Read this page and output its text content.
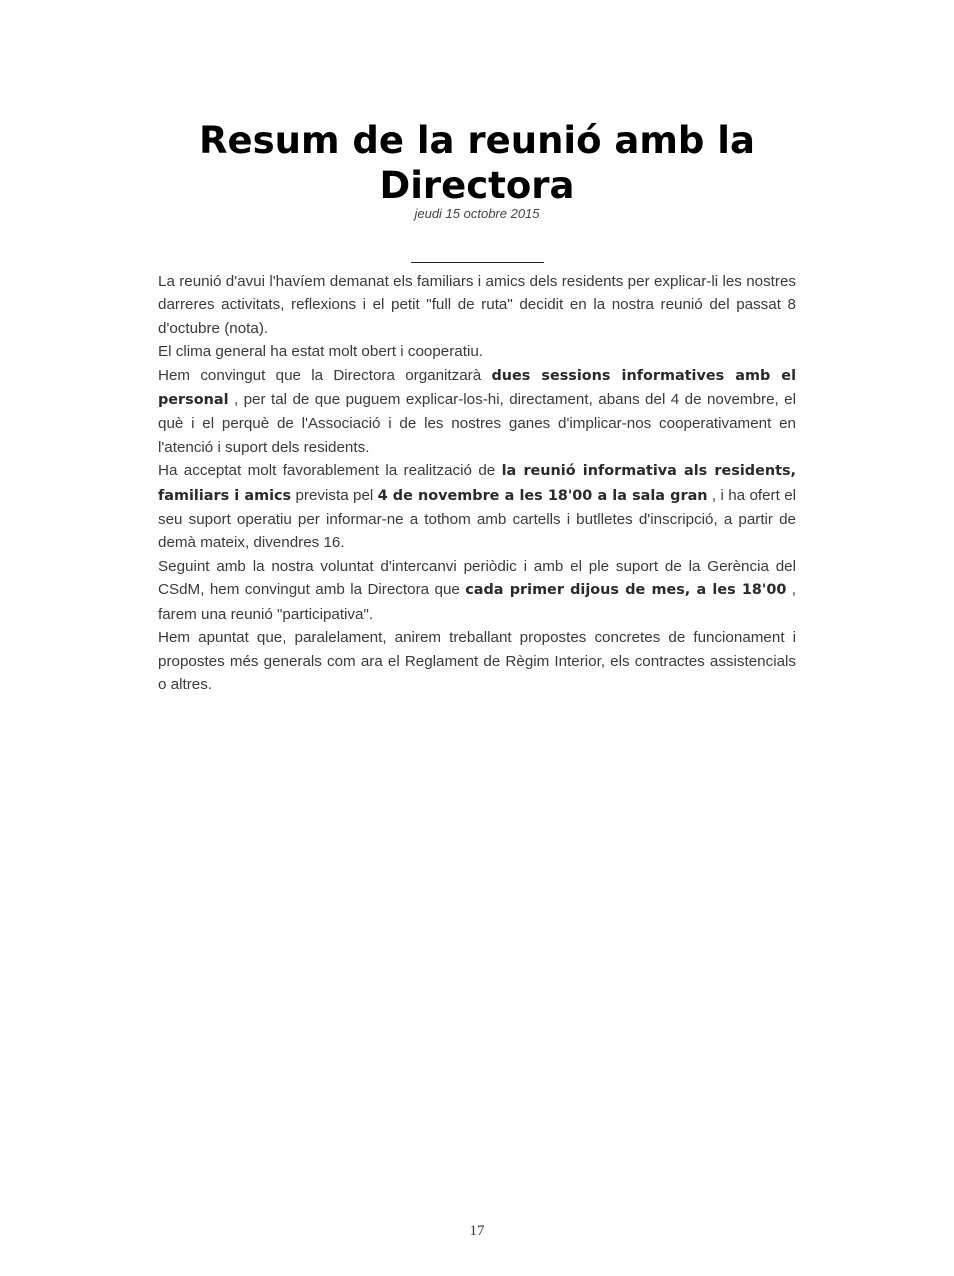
Resum de la reunió amb la Directora
jeudi 15 octobre 2015

La reunió d'avui l'havíem demanat els familiars i amics dels residents per explicar-li les nostres darreres activitats, reflexions i el petit "full de ruta" decidit en la nostra reunió del passat 8 d'octubre (nota).

El clima general ha estat molt obert i cooperatiu.

Hem convingut que la Directora organitzarà dues sessions informatives amb el personal , per tal de que puguem explicar-los-hi, directament, abans del 4 de novembre, el què i el perquè de l'Associació i de les nostres ganes d'implicar-nos cooperativament en l'atenció i suport dels residents.

Ha acceptat molt favorablement la realització de la reunió informativa als residents, familiars i amics prevista pel 4 de novembre a les 18'00 a la sala gran , i ha ofert el seu suport operatiu per informar-ne a tothom amb cartells i butlletes d'inscripció, a partir de demà mateix, divendres 16.

Seguint amb la nostra voluntat d'intercanvi periòdic i amb el ple suport de la Gerència del CSdM, hem convingut amb la Directora que cada primer dijous de mes, a les 18'00 , farem una reunió "participativa".

Hem apuntat que, paralelament, anirem treballant propostes concretes de funcionament i propostes més generals com ara el Reglament de Règim Interior, els contractes assistencials o altres.

17
